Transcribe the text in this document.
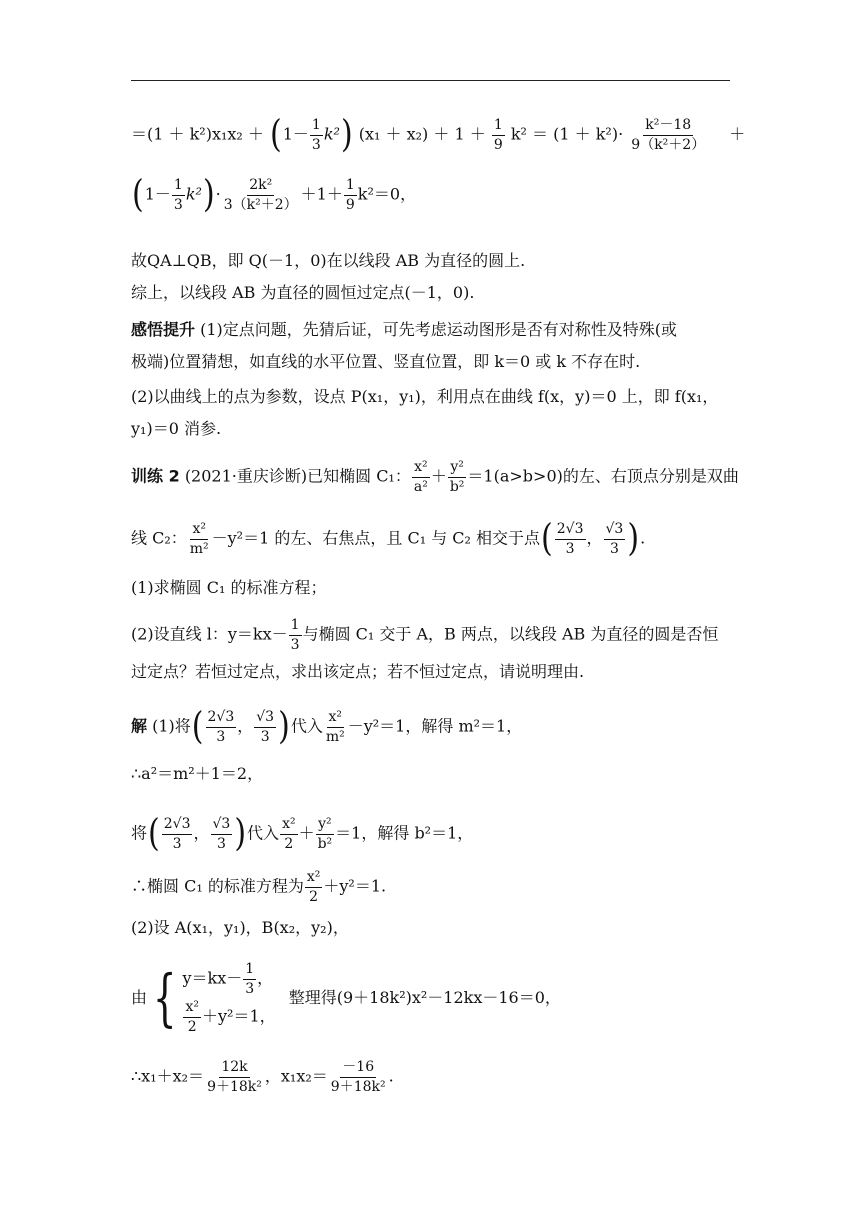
$=(1 + k^2)x_1x_2 + (1- \frac{1}{3} k^2)$ $(x_1 + x_2) + 1 + \frac{1}{9} k^2 = (1 + k^2)\cdot \frac{\text{k²－18}}{\text{9（k²＋2）}}$ 　＋
$(1- \frac{1}{3} k^2)\cdot \frac{\text{2k²}}{\text{3（k²＋2）}} +1+ \frac{1}{9} k^2=0$，
故QA⊥QB，即 Q(－1，0)在以线段 AB 为直径的圆上.
综上，以线段 AB 为直径的圆恒过定点(－1，0).
感悟提升 (1)定点问题，先猜后证，可先考虑运动图形是否有对称性及特殊(或
极端)位置猜想，如直线的水平位置、竖直位置，即 k＝0 或 k 不存在时.
(2)以曲线上的点为参数，设点 P(x₁，y₁)，利用点在曲线 f(x，y)＝0 上，即 f(x₁，
y₁)＝0 消参.
训练 2 (2021·重庆诊断)已知椭圆 C₁： $\frac{\text{x²}}{\text{a²}} + \frac{\text{y²}}{\text{b²}} =1(a>b>0)$的左、右顶点分别是双曲
线 C₂： $\frac{\text{x²}}{\text{m²}} -y^2=1$ 的左、右焦点，且 C₁ 与 C₂ 相交于点( $\frac{2√3}{3}$ ， $\frac{√3}{3}$ ).
(1)求椭圆 C₁ 的标准方程；
(2)设直线 l：$y=kx- \frac{1}{3}$ 与椭圆 C₁ 交于 A，B 两点，以线段 AB 为直径的圆是否恒
过定点？若恒过定点，求出该定点；若不恒过定点，请说明理由.
解 (1)将( $\frac{2√3}{3}$ ， $\frac{√3}{3}$ )代入 $\frac{\text{x²}}{\text{m²}} -y^2=1$，解得 m²＝1，
∴a²＝m²＋1＝2，
将( $\frac{2√3}{3}$ ， $\frac{√3}{3}$ )代入 $\frac{\text{x²}}{2} + \frac{\text{y²}}{\text{b²}} =1$，解得 b²＝1，
∴椭圆 C₁ 的标准方程为 $\frac{\text{x²}}{2} +y^2=1$.
(2)设 A(x₁，y₁)，B(x₂，y₂)，
由{ $y=kx- \frac{1}{3}$ ，
$\frac{\text{x²}}{2} +y^2=1$，
整理得(9＋18k²)x²－12kx－16＝0，
∴x₁＋x₂＝ $\frac{12k}{\text{9＋18k²}}$ ，$x_1x_2= \frac{-16}{\text{9＋18k²}}$ .
